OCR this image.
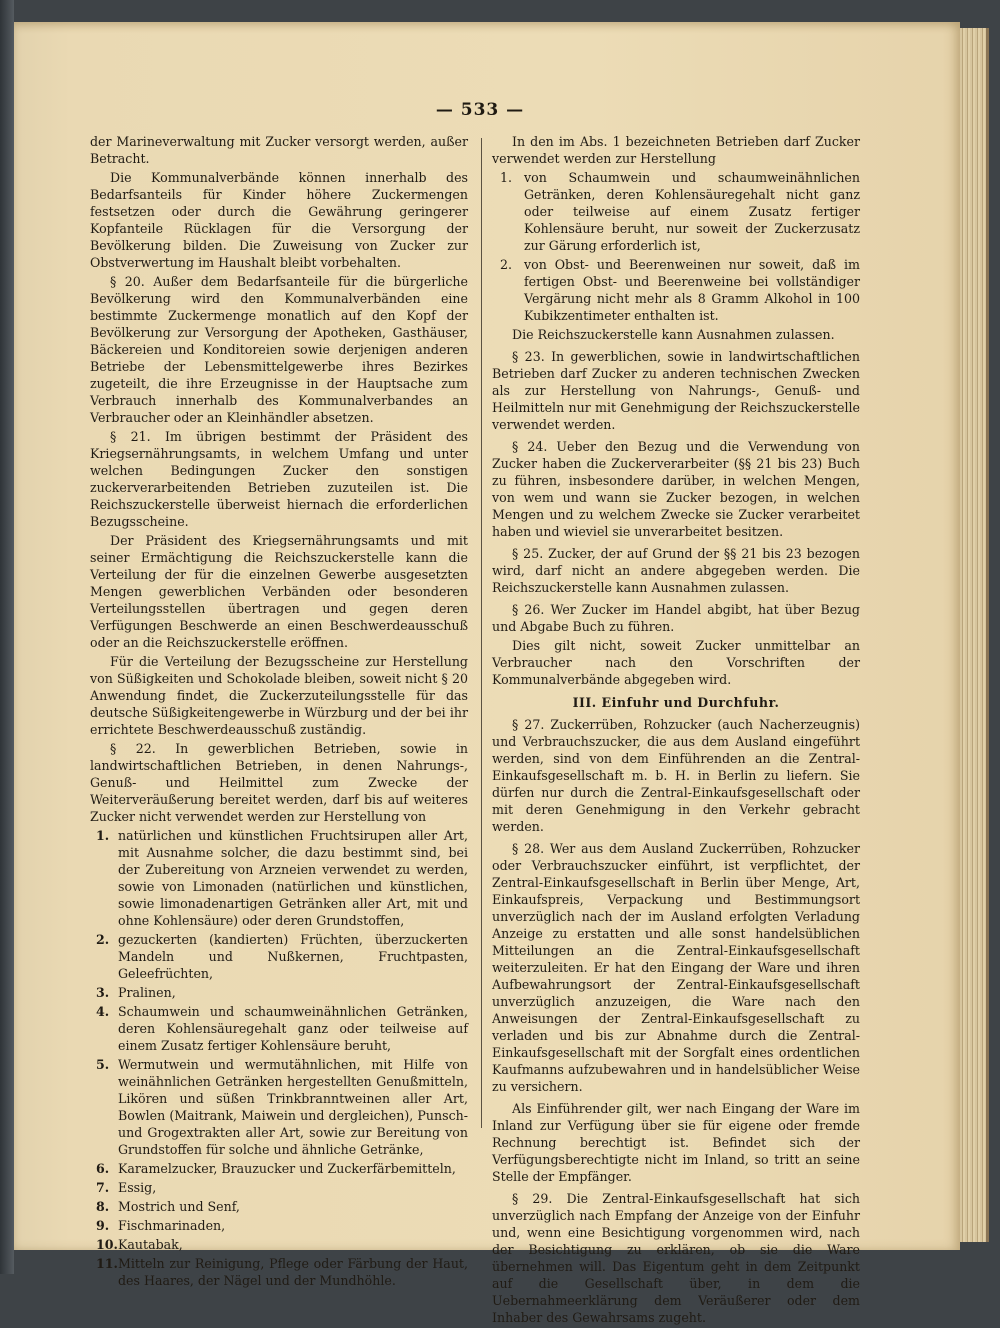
— 533 —

der Marineverwaltung mit Zucker versorgt werden, außer Betracht.

Die Kommunalverbände können innerhalb des Bedarfsanteils für Kinder höhere Zuckermengen festsetzen oder durch die Gewährung geringerer Kopfanteile Rücklagen für die Versorgung der Bevölkerung bilden. Die Zuweisung von Zucker zur Obstverwertung im Haushalt bleibt vorbehalten.

§ 20. Außer dem Bedarfsanteile für die bürgerliche Bevölkerung wird den Kommunalverbänden eine bestimmte Zuckermenge monatlich auf den Kopf der Bevölkerung zur Versorgung der Apotheken, Gasthäuser, Bäckereien und Konditoreien sowie derjenigen anderen Betriebe der Lebensmittelgewerbe ihres Bezirkes zugeteilt, die ihre Erzeugnisse in der Hauptsache zum Verbrauch innerhalb des Kommunalverbandes an Verbraucher oder an Kleinhändler absetzen.

§ 21. Im übrigen bestimmt der Präsident des Kriegsernährungsamts, in welchem Umfang und unter welchen Bedingungen Zucker den sonstigen zuckerverarbeitenden Betrieben zuzuteilen ist. Die Reichszuckerstelle überweist hiernach die erforderlichen Bezugsscheine.

Der Präsident des Kriegsernährungsamts und mit seiner Ermächtigung die Reichszuckerstelle kann die Verteilung der für die einzelnen Gewerbe ausgesetzten Mengen gewerblichen Verbänden oder besonderen Verteilungsstellen übertragen und gegen deren Verfügungen Beschwerde an einen Beschwerdeausschuß oder an die Reichszuckerstelle eröffnen.

Für die Verteilung der Bezugsscheine zur Herstellung von Süßigkeiten und Schokolade bleiben, soweit nicht § 20 Anwendung findet, die Zuckerzuteilungsstelle für das deutsche Süßigkeitengewerbe in Würzburg und der bei ihr errichtete Beschwerdeausschuß zuständig.

§ 22. In gewerblichen Betrieben, sowie in landwirtschaftlichen Betrieben, in denen Nahrungs-, Genuß- und Heilmittel zum Zwecke der Weiterveräußerung bereitet werden, darf bis auf weiteres Zucker nicht verwendet werden zur Herstellung von

1. natürlichen und künstlichen Fruchtsirupen aller Art, mit Ausnahme solcher, die dazu bestimmt sind, bei der Zubereitung von Arzneien verwendet zu werden, sowie von Limonaden (natürlichen und künstlichen, sowie limonadenartigen Getränken aller Art, mit und ohne Kohlensäure) oder deren Grundstoffen,
2. gezuckerten (kandierten) Früchten, überzuckerten Mandeln und Nußkernen, Fruchtpasten, Geleefrüchten,
3. Pralinen,
4. Schaumwein und schaumweinähnlichen Getränken, deren Kohlensäuregehalt ganz oder teilweise auf einem Zusatz fertiger Kohlensäure beruht,
5. Wermutwein und wermutähnlichen, mit Hilfe von weinähnlichen Getränken hergestellten Genußmitteln, Likören und süßen Trinkbranntweinen aller Art, Bowlen (Maitrank, Maiwein und dergleichen), Punsch- und Grogextrakten aller Art, sowie zur Bereitung von Grundstoffen für solche und ähnliche Getränke,
6. Karamelzucker, Brauzucker und Zuckerfärbemitteln,
7. Essig,
8. Mostrich und Senf,
9. Fischmarinaden,
10. Kautabak,
11. Mitteln zur Reinigung, Pflege oder Färbung der Haut, des Haares, der Nägel und der Mundhöhle.

In den im Abs. 1 bezeichneten Betrieben darf Zucker verwendet werden zur Herstellung

1. von Schaumwein und schaumweinähnlichen Getränken, deren Kohlensäuregehalt nicht ganz oder teilweise auf einem Zusatz fertiger Kohlensäure beruht, nur soweit der Zuckerzusatz zur Gärung erforderlich ist,
2. von Obst- und Beerenweinen nur soweit, daß im fertigen Obst- und Beerenweine bei vollständiger Vergärung nicht mehr als 8 Gramm Alkohol in 100 Kubikzentimeter enthalten ist.

Die Reichszuckerstelle kann Ausnahmen zulassen.

§ 23. In gewerblichen, sowie in landwirtschaftlichen Betrieben darf Zucker zu anderen technischen Zwecken als zur Herstellung von Nahrungs-, Genuß- und Heilmitteln nur mit Genehmigung der Reichszuckerstelle verwendet werden.

§ 24. Ueber den Bezug und die Verwendung von Zucker haben die Zuckerverarbeiter (§§ 21 bis 23) Buch zu führen, insbesondere darüber, in welchen Mengen, von wem und wann sie Zucker bezogen, in welchen Mengen und zu welchem Zwecke sie Zucker verarbeitet haben und wieviel sie unverarbeitet besitzen.

§ 25. Zucker, der auf Grund der §§ 21 bis 23 bezogen wird, darf nicht an andere abgegeben werden. Die Reichszuckerstelle kann Ausnahmen zulassen.

§ 26. Wer Zucker im Handel abgibt, hat über Bezug und Abgabe Buch zu führen.

Dies gilt nicht, soweit Zucker unmittelbar an Verbraucher nach den Vorschriften der Kommunalverbände abgegeben wird.

III. Einfuhr und Durchfuhr.

§ 27. Zuckerrüben, Rohzucker (auch Nacherzeugnis) und Verbrauchszucker, die aus dem Ausland eingeführt werden, sind von dem Einführenden an die Zentral-Einkaufsgesellschaft m. b. H. in Berlin zu liefern. Sie dürfen nur durch die Zentral-Einkaufsgesellschaft oder mit deren Genehmigung in den Verkehr gebracht werden.

§ 28. Wer aus dem Ausland Zuckerrüben, Rohzucker oder Verbrauchszucker einführt, ist verpflichtet, der Zentral-Einkaufsgesellschaft in Berlin über Menge, Art, Einkaufspreis, Verpackung und Bestimmungsort unverzüglich nach der im Ausland erfolgten Verladung Anzeige zu erstatten und alle sonst handelsüblichen Mitteilungen an die Zentral-Einkaufsgesellschaft weiterzuleiten. Er hat den Eingang der Ware und ihren Aufbewahrungsort der Zentral-Einkaufsgesellschaft unverzüglich anzuzeigen, die Ware nach den Anweisungen der Zentral-Einkaufsgesellschaft zu verladen und bis zur Abnahme durch die Zentral-Einkaufsgesellschaft mit der Sorgfalt eines ordentlichen Kaufmanns aufzubewahren und in handelsüblicher Weise zu versichern.

Als Einführender gilt, wer nach Eingang der Ware im Inland zur Verfügung über sie für eigene oder fremde Rechnung berechtigt ist. Befindet sich der Verfügungsberechtigte nicht im Inland, so tritt an seine Stelle der Empfänger.

§ 29. Die Zentral-Einkaufsgesellschaft hat sich unverzüglich nach Empfang der Anzeige von der Einfuhr und, wenn eine Besichtigung vorgenommen wird, nach der Besichtigung zu erklären, ob sie die Ware übernehmen will. Das Eigentum geht in dem Zeitpunkt auf die Gesellschaft über, in dem die Uebernahmeerklärung dem Veräußerer oder dem Inhaber des Gewahrsams zugeht.
